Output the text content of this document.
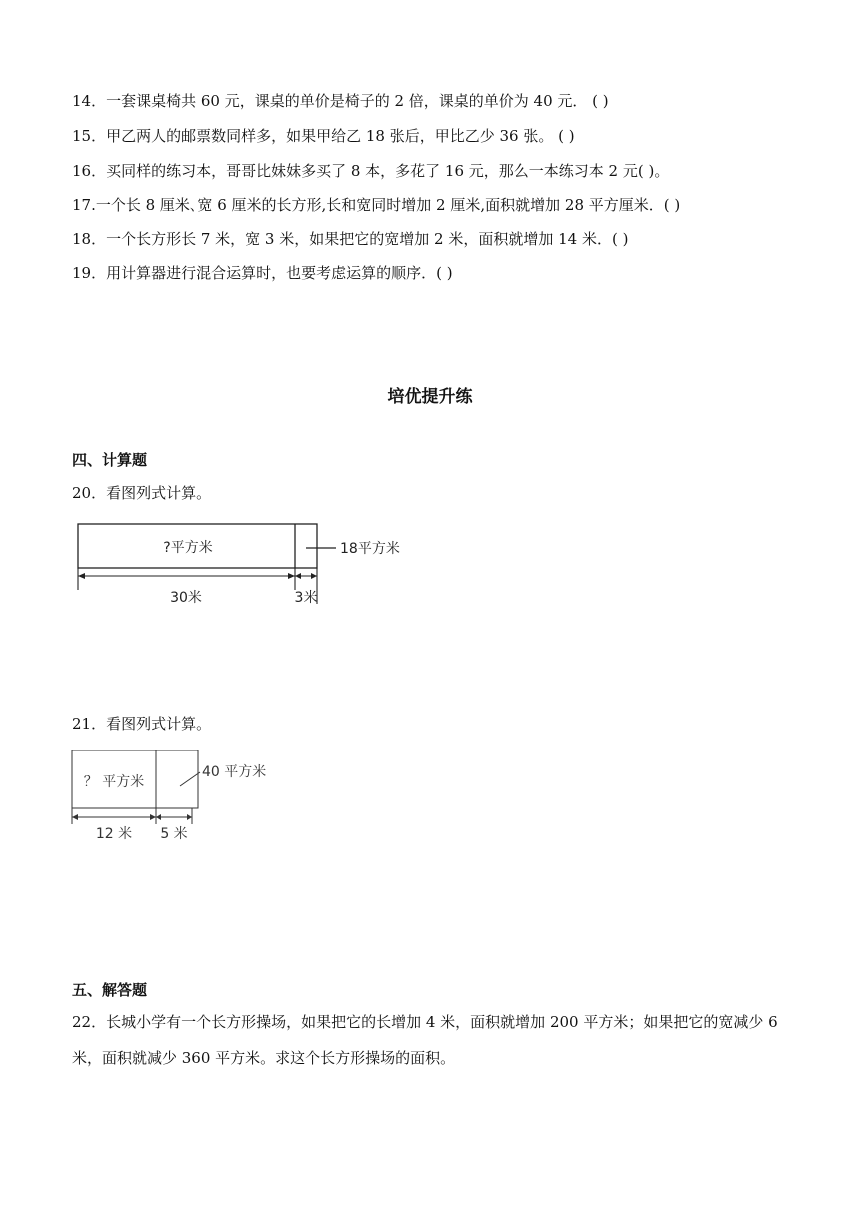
14．一套课桌椅共 60 元，课桌的单价是椅子的 2 倍，课桌的单价为 40 元． ( )
15．甲乙两人的邮票数同样多，如果甲给乙 18 张后，甲比乙少 36 张。 ( )
16．买同样的练习本，哥哥比妹妹多买了 8 本，多花了 16 元，那么一本练习本 2 元( )。
17.一个长 8 厘米､宽 6 厘米的长方形,长和宽同时增加 2 厘米,面积就增加 28 平方厘米．( )
18．一个长方形长 7 米，宽 3 米，如果把它的宽增加 2 米，面积就增加 14 米．( )
19．用计算器进行混合运算时，也要考虑运算的顺序．( )
培优提升练
四、计算题
20．看图列式计算。
?平方米	18平方米
30米	3米
21．看图列式计算。
？ 平方米
40 平方米
12 米 5 米
五、解答题
22．长城小学有一个长方形操场，如果把它的长增加 4 米，面积就增加 200 平方米；如果把它的宽减少 6 米，面积就减少 360 平方米。求这个长方形操场的面积。
